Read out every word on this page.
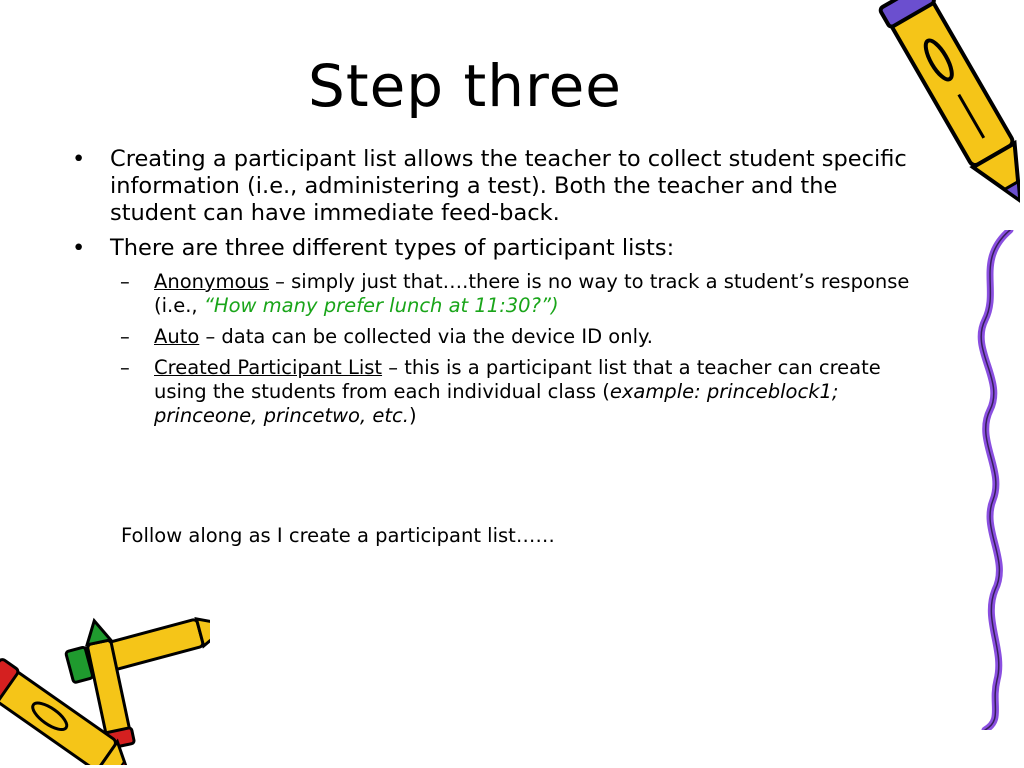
Step three
• Creating a participant list allows the teacher to collect student specific information (i.e., administering a test). Both the teacher and the student can have immediate feed-back.
• There are three different types of participant lists:
– Anonymous – simply just that….there is no way to track a student’s response (i.e., “How many prefer lunch at 11:30?”)
– Auto – data can be collected via the device ID only.
– Created Participant List – this is a participant list that a teacher can create using the students from each individual class (example: princeblock1; princeone, princetwo, etc.)
Follow along as I create a participant list……
